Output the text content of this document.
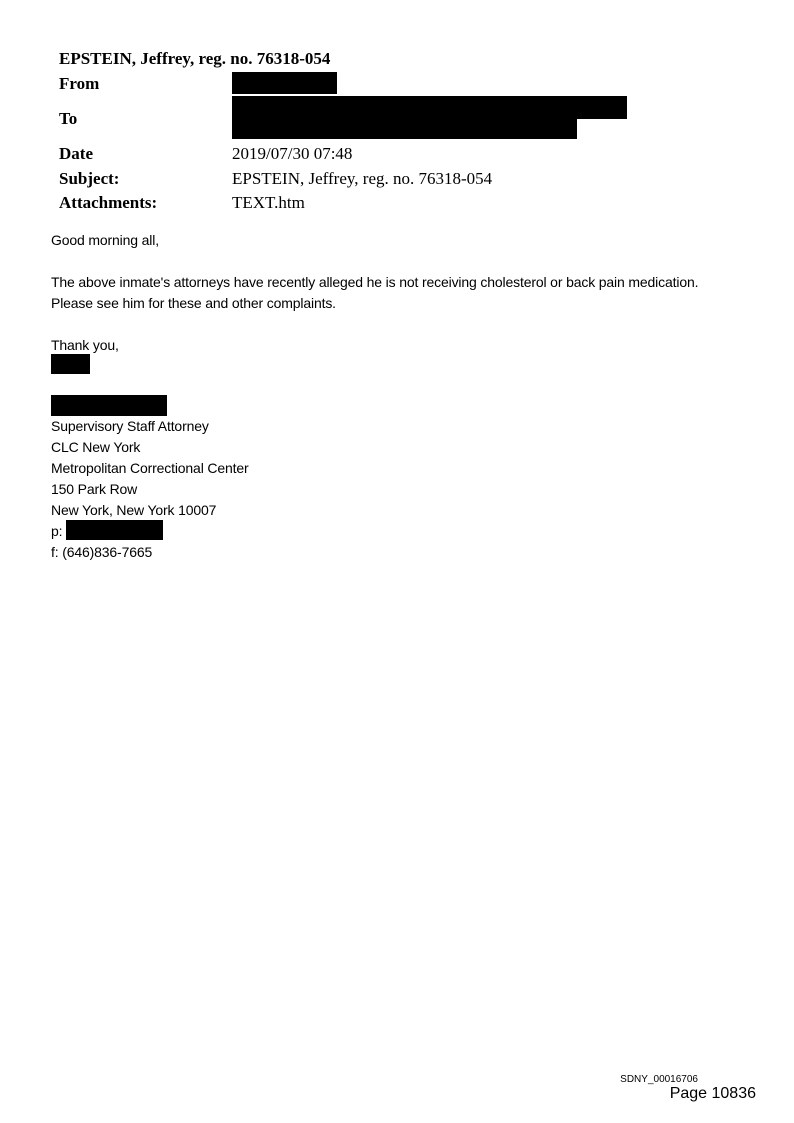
EPSTEIN, Jeffrey, reg. no. 76318-054
From
To
Date	2019/07/30 07:48
Subject:	EPSTEIN, Jeffrey, reg. no. 76318-054
Attachments:	TEXT.htm
Good morning all,
The above inmate's attorneys have recently alleged he is not receiving cholesterol or back pain medication.
Please see him for these and other complaints.
Thank you,
Supervisory Staff Attorney
CLC New York
Metropolitan Correctional Center
150 Park Row
New York, New York 10007
p:
f: (646)836-7665
SDNY_00016706
Page 10836
